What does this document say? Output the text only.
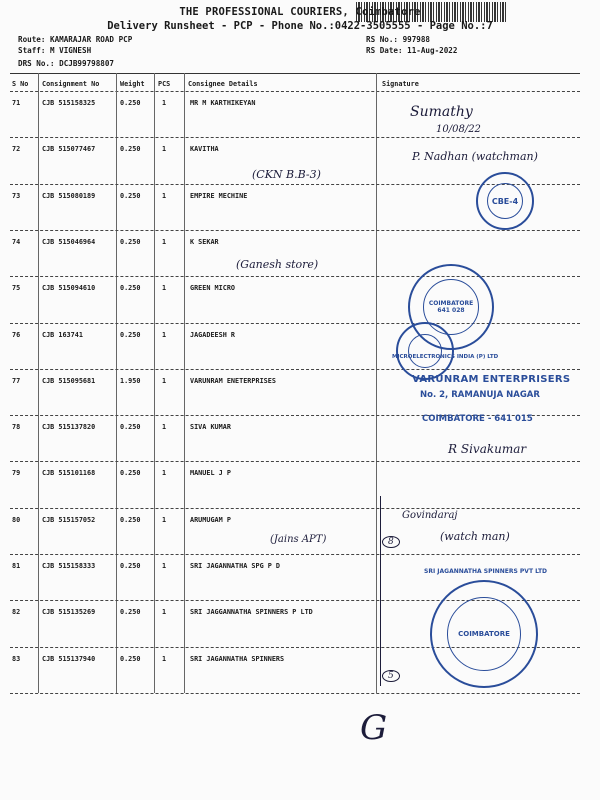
THE PROFESSIONAL COURIERS, Coimbatore
Delivery Runsheet - PCP - Phone No.:0422-3505555 - Page No.:7
Route: KAMARAJAR ROAD PCP
Staff: M VIGNESH
DRS No.: DCJB99798807
RS No.: 997988
RS Date: 11-Aug-2022
S No Consignment No	Weight PCS	Consignee Details	Signature
71	CJB 515158325	0.250	1	MR M KARTHIKEYAN
72	CJB 515077467	0.250	1	KAVITHA
73	CJB 515080189	0.250	1	EMPIRE MECHINE
74	CJB 515046964	0.250	1	K SEKAR
75	CJB 515094610	0.250	1	GREEN MICRO
76	CJB 163741	0.250	1	JAGADEESH R
77	CJB 515095681	1.950	1	VARUNRAM ENETERPRISES
78	CJB 515137820	0.250	1	SIVA KUMAR
79	CJB 515101168	0.250	1	MANUEL J P
80	CJB 515157052	0.250	1	ARUMUGAM P
81	CJB 515158333	0.250	1	SRI JAGANNATHA SPG P D
82	CJB 515135269	0.250	1	SRI JAGGANNATHA SPINNERS P LTD
83	CJB 515137940	0.250	1	SRI JAGANNATHA SPINNERS
Sumathy
10/08/22
P. Nadhan (watchman)
(CKN B.B-3)
(Ganesh store)
R Sivakumar
Govindaraj
(watch man)
(Jains APT)	8
5
G
CBE-4
COIMBATORE
641 028
MICROELECTRONICS INDIA (P) LTD
VARUNRAM ENTERPRISERS
No. 2, RAMANUJA NAGAR
COIMBATORE - 641 015
COIMBATORE
SRI JAGANNATHA SPINNERS PVT LTD
